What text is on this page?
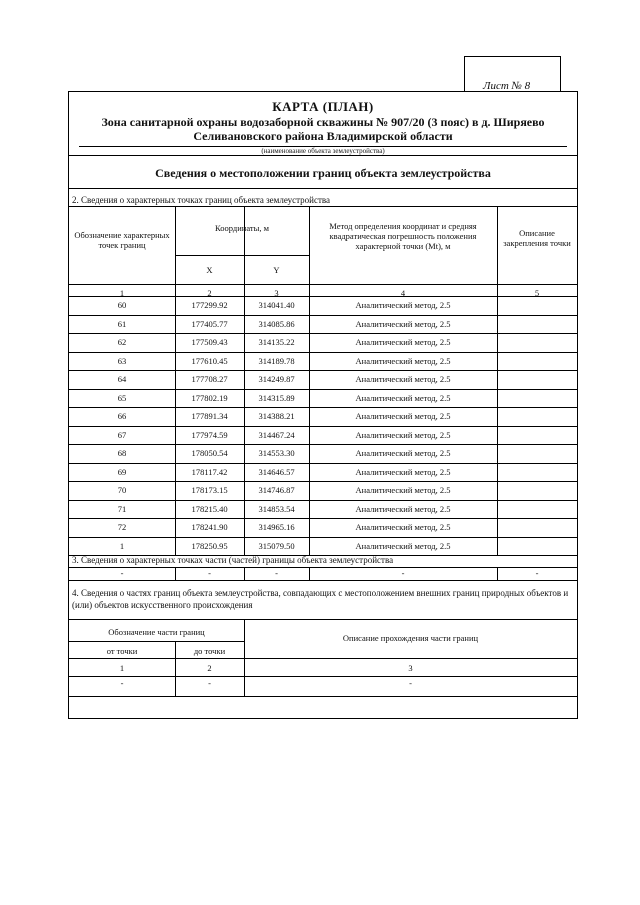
Лист № 8
КАРТА (ПЛАН)
Зона санитарной охраны водозаборной скважины № 907/20 (3 пояс) в д. Ширяево Селивановского района Владимирской области
(наименование объекта землеустройства)
Сведения о местоположении границ объекта землеустройства
2. Сведения о характерных точках границ объекта землеустройства
Обозначение характерных точек границ
Координаты, м
X	Y
Метод определения координат и средняя квадратическая погрешность положения характерной точки (Mt), м
Описание закрепления точки
1	2	3	4	5
60	177299.92	314041.40	Аналитический метод, 2.5
61	177405.77	314085.86	Аналитический метод, 2.5
62	177509.43	314135.22	Аналитический метод, 2.5
63	177610.45	314189.78	Аналитический метод, 2.5
64	177708.27	314249.87	Аналитический метод, 2.5
65	177802.19	314315.89	Аналитический метод, 2.5
66	177891.34	314388.21	Аналитический метод, 2.5
67	177974.59	314467.24	Аналитический метод, 2.5
68	178050.54	314553.30	Аналитический метод, 2.5
69	178117.42	314646.57	Аналитический метод, 2.5
70	178173.15	314746.87	Аналитический метод, 2.5
71	178215.40	314853.54	Аналитический метод, 2.5
72	178241.90	314965.16	Аналитический метод, 2.5
1	178250.95	315079.50	Аналитический метод, 2.5
3. Сведения о характерных точках части (частей) границы объекта землеустройства
-	-	-	-	-
4. Сведения о частях границ объекта землеустройства, совпадающих с местоположением внешних границ природных объектов и (или) объектов искусственного происхождения
Обозначение части границ
от точки	до точки
Описание прохождения части границ
1	2	3
-	-	-
